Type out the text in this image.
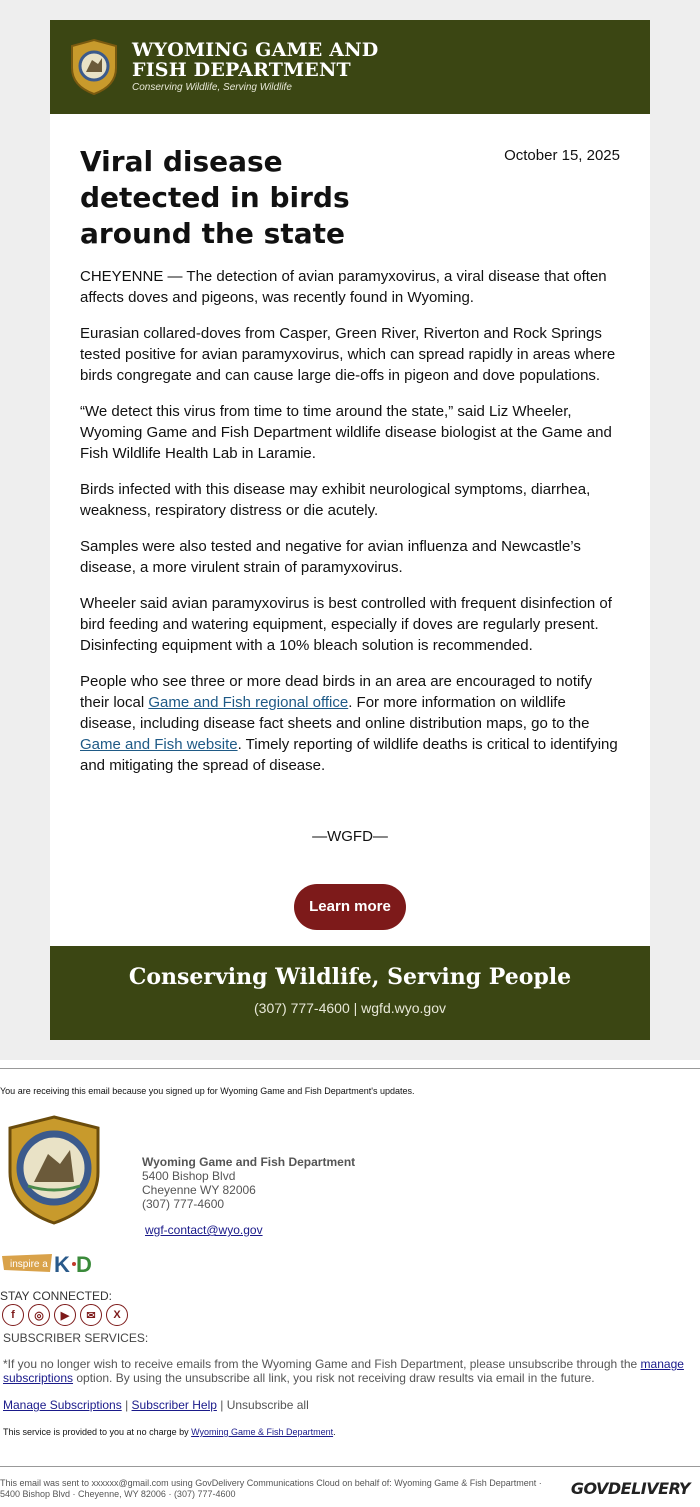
WYOMING GAME AND
FISH DEPARTMENT
Conserving Wildlife, Serving Wildlife
Viral disease detected in birds around the state
October 15, 2025

CHEYENNE — The detection of avian paramyxovirus, a viral disease that often affects doves and pigeons, was recently found in Wyoming.

Eurasian collared-doves from Casper, Green River, Riverton and Rock Springs tested positive for avian paramyxovirus, which can spread rapidly in areas where birds congregate and can cause large die-offs in pigeon and dove populations.

“We detect this virus from time to time around the state,” said Liz Wheeler, Wyoming Game and Fish Department wildlife disease biologist at the Game and Fish Wildlife Health Lab in Laramie.

Birds infected with this disease may exhibit neurological symptoms, diarrhea, weakness, respiratory distress or die acutely.

Samples were also tested and negative for avian influenza and Newcastle’s disease, a more virulent strain of paramyxovirus.

Wheeler said avian paramyxovirus is best controlled with frequent disinfection of bird feeding and watering equipment, especially if doves are regularly present. Disinfecting equipment with a 10% bleach solution is recommended.

People who see three or more dead birds in an area are encouraged to notify their local Game and Fish regional office. For more information on wildlife disease, including disease fact sheets and online distribution maps, go to the Game and Fish website. Timely reporting of wildlife deaths is critical to identifying and mitigating the spread of disease.

—WGFD—
Conserving Wildlife, Serving People
(307) 777-4600 | wgfd.wyo.gov
Learn more
You are receiving this email because you signed up for Wyoming Game and Fish Department's updates.
Wyoming Game and Fish Department
5400 Bishop Blvd
Cheyenne WY 82006
(307) 777-4600
wgf-contact@wyo.gov
inspire a K D
STAY CONNECTED:
f	◎	▶	✉	X
SUBSCRIBER SERVICES:
*If you no longer wish to receive emails from the Wyoming Game and Fish Department, please unsubscribe through the manage subscriptions option. By using the unsubscribe all link, you risk not receiving draw results via email in the future.
Manage Subscriptions | Subscriber Help | Unsubscribe all
This service is provided to you at no charge by Wyoming Game & Fish Department.
This email was sent to xxxxxx@gmail.com using GovDelivery Communications Cloud on behalf of: Wyoming Game & Fish Department · 5400 Bishop Blvd · Cheyenne, WY 82006 · (307) 777-4600	GOVDELIVERY
